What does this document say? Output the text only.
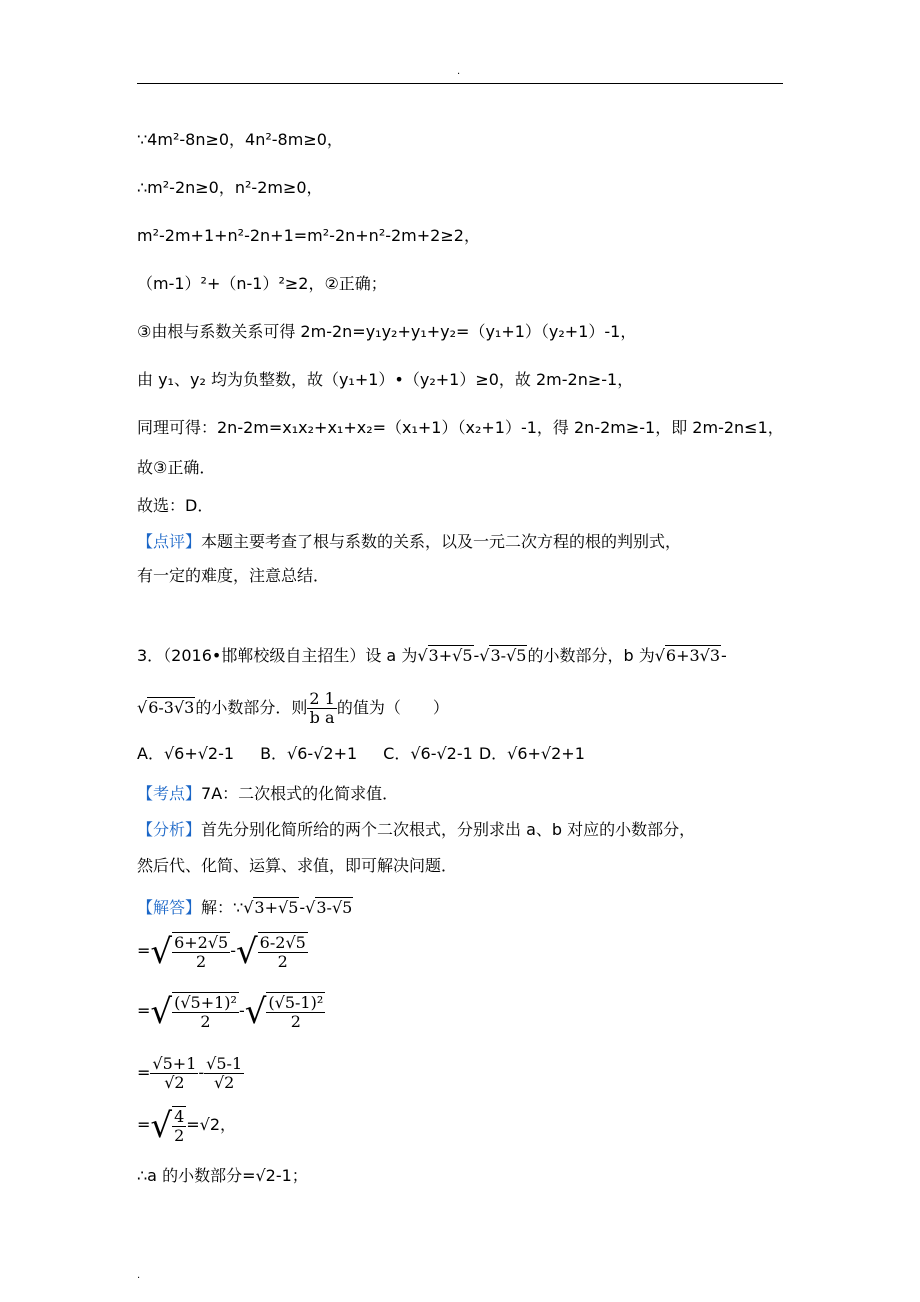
.
∵4m²-8n≥0，4n²-8m≥0，
∴m²-2n≥0，n²-2m≥0，
m²-2m+1+n²-2n+1=m²-2n+n²-2m+2≥2，
（m-1）²+（n-1）²≥2，②正确；
③由根与系数关系可得 2m-2n=y₁y₂+y₁+y₂=（y₁+1）（y₂+1）-1，
由 y₁、y₂ 均为负整数，故（y₁+1）•（y₂+1）≥0，故 2m-2n≥-1，
同理可得：2n-2m=x₁x₂+x₁+x₂=（x₁+1）（x₂+1）-1，得 2n-2m≥-1，即 2m-2n≤1，
故③正确．
故选：D．
【点评】本题主要考查了根与系数的关系，以及一元二次方程的根的判别式，
有一定的难度，注意总结．
3．（2016•邯郸校级自主招生）设 a 为√3+√5-√3-√5的小数部分，b 为√6+3√3-
√6-3√3的小数部分．则 $\frac{2 1}{\text{b a}}$ 的值为（　　）
A．√6+√2-1 B．√6-√2+1 C．√6-√2-1 D．√6+√2+1
【考点】7A：二次根式的化简求值．
【分析】首先分别化简所给的两个二次根式，分别求出 a、b 对应的小数部分，
然后代、化简、运算、求值，即可解决问题．
【解答】解：∵√3+√5-√3-√5
=√ $\frac{6+2√5}{2}$ -√ $\frac{6-2√5}{2}$
=√ $\frac{\text{(√5+1)²}}{2}$ -√ $\frac{\text{(√5-1)²}}{2}$
= $\frac{√5+1}{√2} - \frac{√5-1}{√2}$
=√ $\frac{4}{2} =√2$，
∴a 的小数部分=√2-1；
.
